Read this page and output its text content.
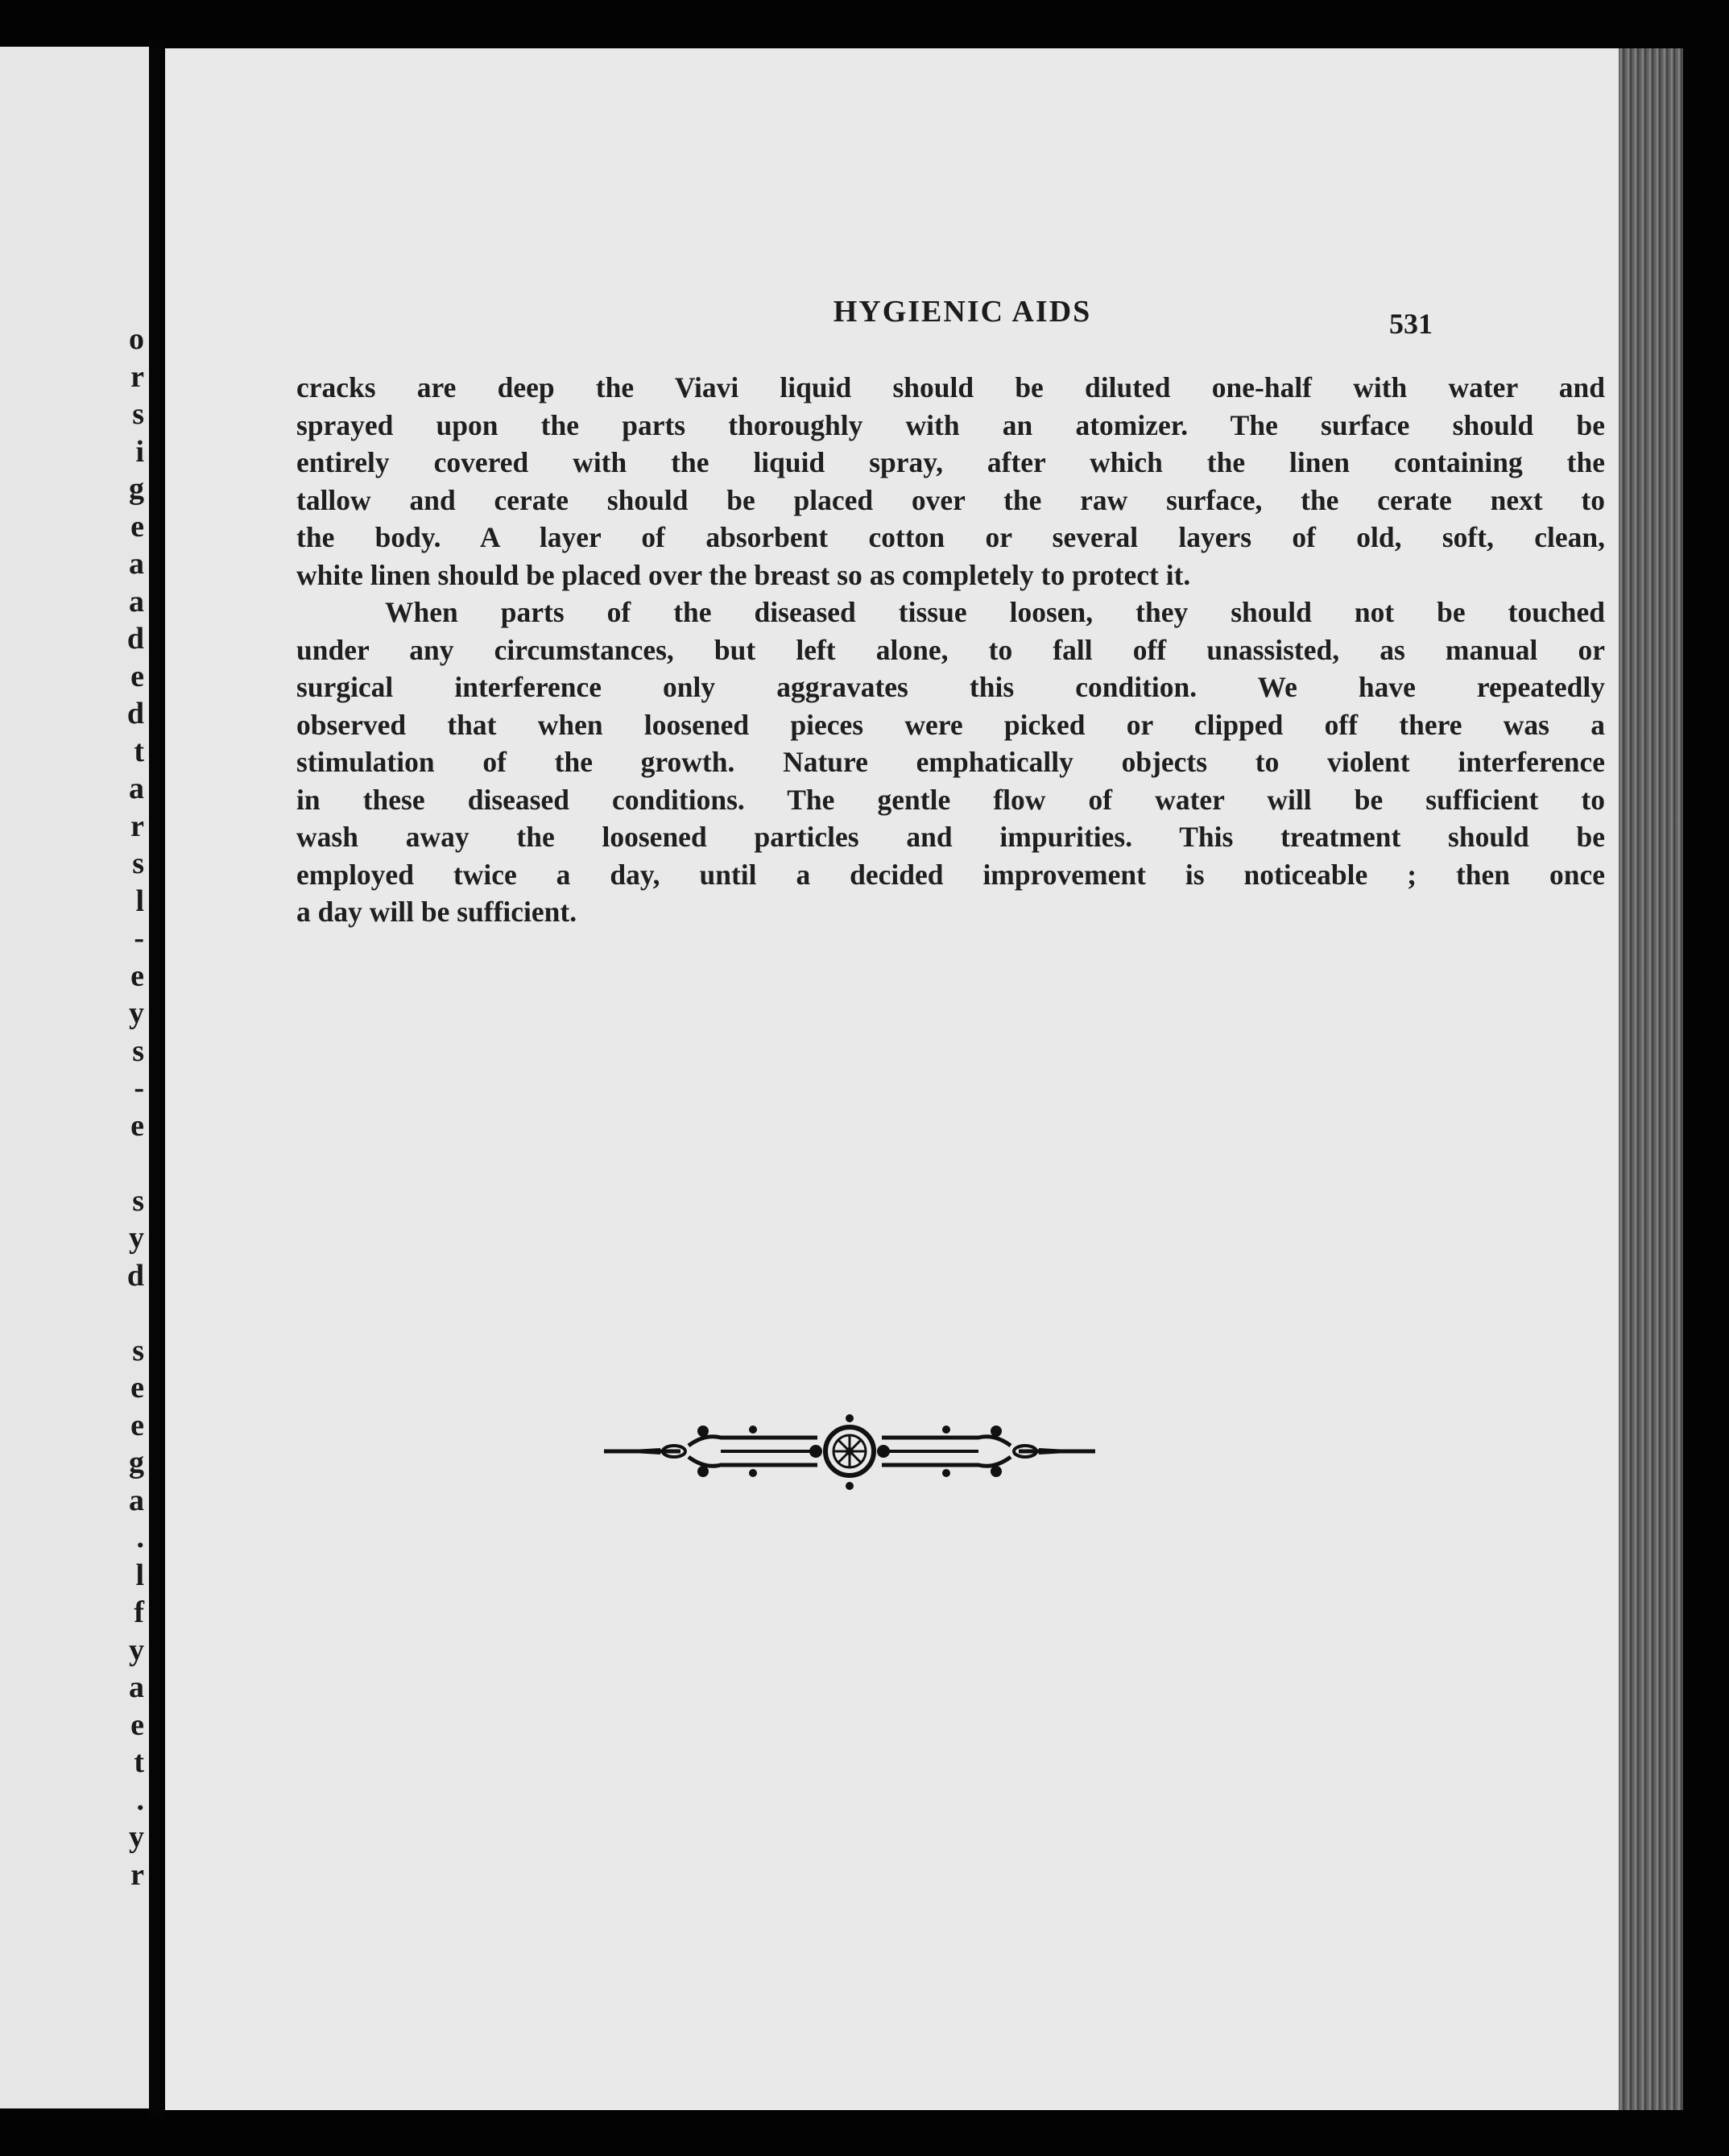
o
r
s
i
g
e
a
a
d
e
d
t
a
r
s
l
-
e
y
s
-
e
s
y
d
s
e
e
g
a
.
l
f
y
a
e
t
.
y
r
HYGIENIC AIDS	531
cracks are deep the Viavi liquid should be diluted one-half with water and
sprayed upon the parts thoroughly with an atomizer. The surface should be
entirely covered with the liquid spray, after which the linen containing the
tallow and cerate should be placed over the raw surface, the cerate next to
the body. A layer of absorbent cotton or several layers of old, soft, clean,
white linen should be placed over the breast so as completely to protect it.
When parts of the diseased tissue loosen, they should not be touched
under any circumstances, but left alone, to fall off unassisted, as manual or
surgical interference only aggravates this condition. We have repeatedly
observed that when loosened pieces were picked or clipped off there was a
stimulation of the growth. Nature emphatically objects to violent interference
in these diseased conditions. The gentle flow of water will be sufficient to
wash away the loosened particles and impurities. This treatment should be
employed twice a day, until a decided improvement is noticeable ; then once
a day will be sufficient.
